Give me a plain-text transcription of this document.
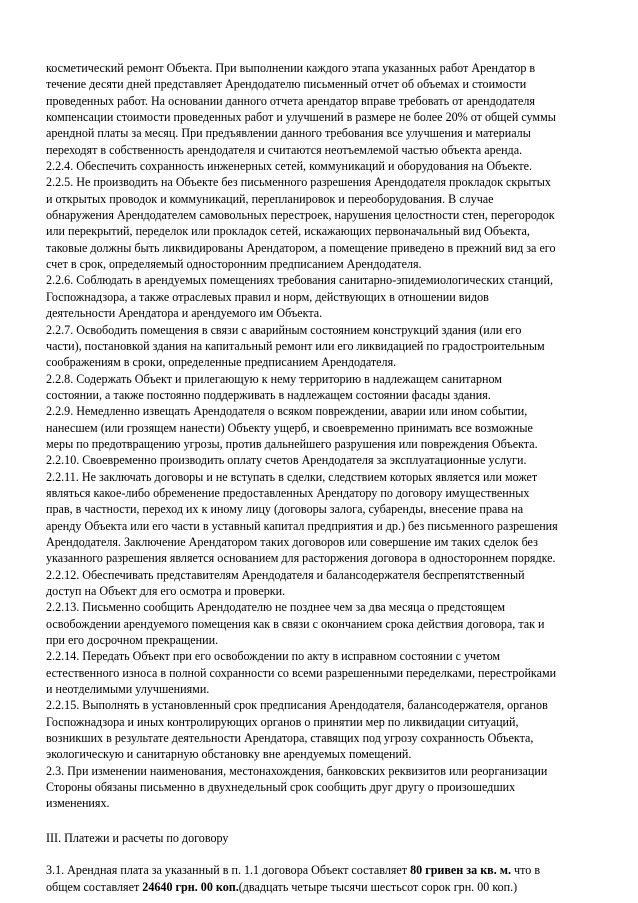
косметический ремонт Объекта. При выполнении каждого этапа указанных работ Арендатор в
течение десяти дней представляет Арендодателю письменный отчет об объемах и стоимости
проведенных работ. На основании данного отчета арендатор вправе требовать от арендодателя
компенсации стоимости проведенных работ и улучшений в размере не более 20% от общей суммы
арендной платы за месяц. При предъявлении данного требования все улучшения и материалы
переходят в собственность арендодателя и считаются неотъемлемой частью объекта аренда.

2.2.4. Обеспечить сохранность инженерных сетей, коммуникаций и оборудования на Объекте.

2.2.5. Не производить на Объекте без письменного разрешения Арендодателя прокладок скрытых
и открытых проводок и коммуникаций, перепланировок и переоборудования. В случае
обнаружения Арендодателем самовольных перестроек, нарушения целостности стен, перегородок
или перекрытий, переделок или прокладок сетей, искажающих первоначальный вид Объекта,
таковые должны быть ликвидированы Арендатором, а помещение приведено в прежний вид за его
счет в срок, определяемый односторонним предписанием Арендодателя.

2.2.6. Соблюдать в арендуемых помещениях требования санитарно-эпидемиологических станций,
Госпожнадзора, а также отраслевых правил и норм, действующих в отношении видов
деятельности Арендатора и арендуемого им Объекта.

2.2.7. Освободить помещения в связи с аварийным состоянием конструкций здания (или его
части), постановкой здания на капитальный ремонт или его ликвидацией по градостроительным
соображениям в сроки, определенные предписанием Арендодателя.

2.2.8. Содержать Объект и прилегающую к нему территорию в надлежащем санитарном
состоянии, а также постоянно поддерживать в надлежащем состоянии фасады здания.

2.2.9. Немедленно извещать Арендодателя о всяком повреждении, аварии или ином событии,
нанесшем (или грозящем нанести) Объекту ущерб, и своевременно принимать все возможные
меры по предотвращению угрозы, против дальнейшего разрушения или повреждения Объекта.

2.2.10. Своевременно производить оплату счетов Арендодателя за эксплуатационные услуги.

2.2.11. Не заключать договоры и не вступать в сделки, следствием которых является или может
являться какое-либо обременение предоставленных Арендатору по договору имущественных
прав, в частности, переход их к иному лицу (договоры залога, субаренды, внесение права на
аренду Объекта или его части в уставный капитал предприятия и др.) без письменного разрешения
Арендодателя. Заключение Арендатором таких договоров или совершение им таких сделок без
указанного разрешения является основанием для расторжения договора в одностороннем порядке.

2.2.12. Обеспечивать представителям Арендодателя и балансодержателя беспрепятственный
доступ на Объект для его осмотра и проверки.

2.2.13. Письменно сообщить Арендодателю не позднее чем за два месяца о предстоящем
освобождении арендуемого помещения как в связи с окончанием срока действия договора, так и
при его досрочном прекращении.

2.2.14. Передать Объект при его освобождении по акту в исправном состоянии с учетом
естественного износа в полной сохранности со всеми разрешенными переделками, перестройками
и неотделимыми улучшениями.

2.2.15. Выполнять в установленный срок предписания Арендодателя, балансодержателя, органов
Госпожнадзора и иных контролирующих органов о принятии мер по ликвидации ситуаций,
возникших в результате деятельности Арендатора, ставящих под угрозу сохранность Объекта,
экологическую и санитарную обстановку вне арендуемых помещений.

2.3. При изменении наименования, местонахождения, банковских реквизитов или реорганизации
Стороны обязаны письменно в двухнедельный срок сообщить друг другу о произошедших
изменениях.

III. Платежи и расчеты по договору

3.1. Арендная плата за указанный в п. 1.1 договора Объект составляет 80 гривен за кв. м. что в
общем составляет 24640 грн. 00 коп.(двадцать четыре тысячи шестьсот сорок грн. 00 коп.)
